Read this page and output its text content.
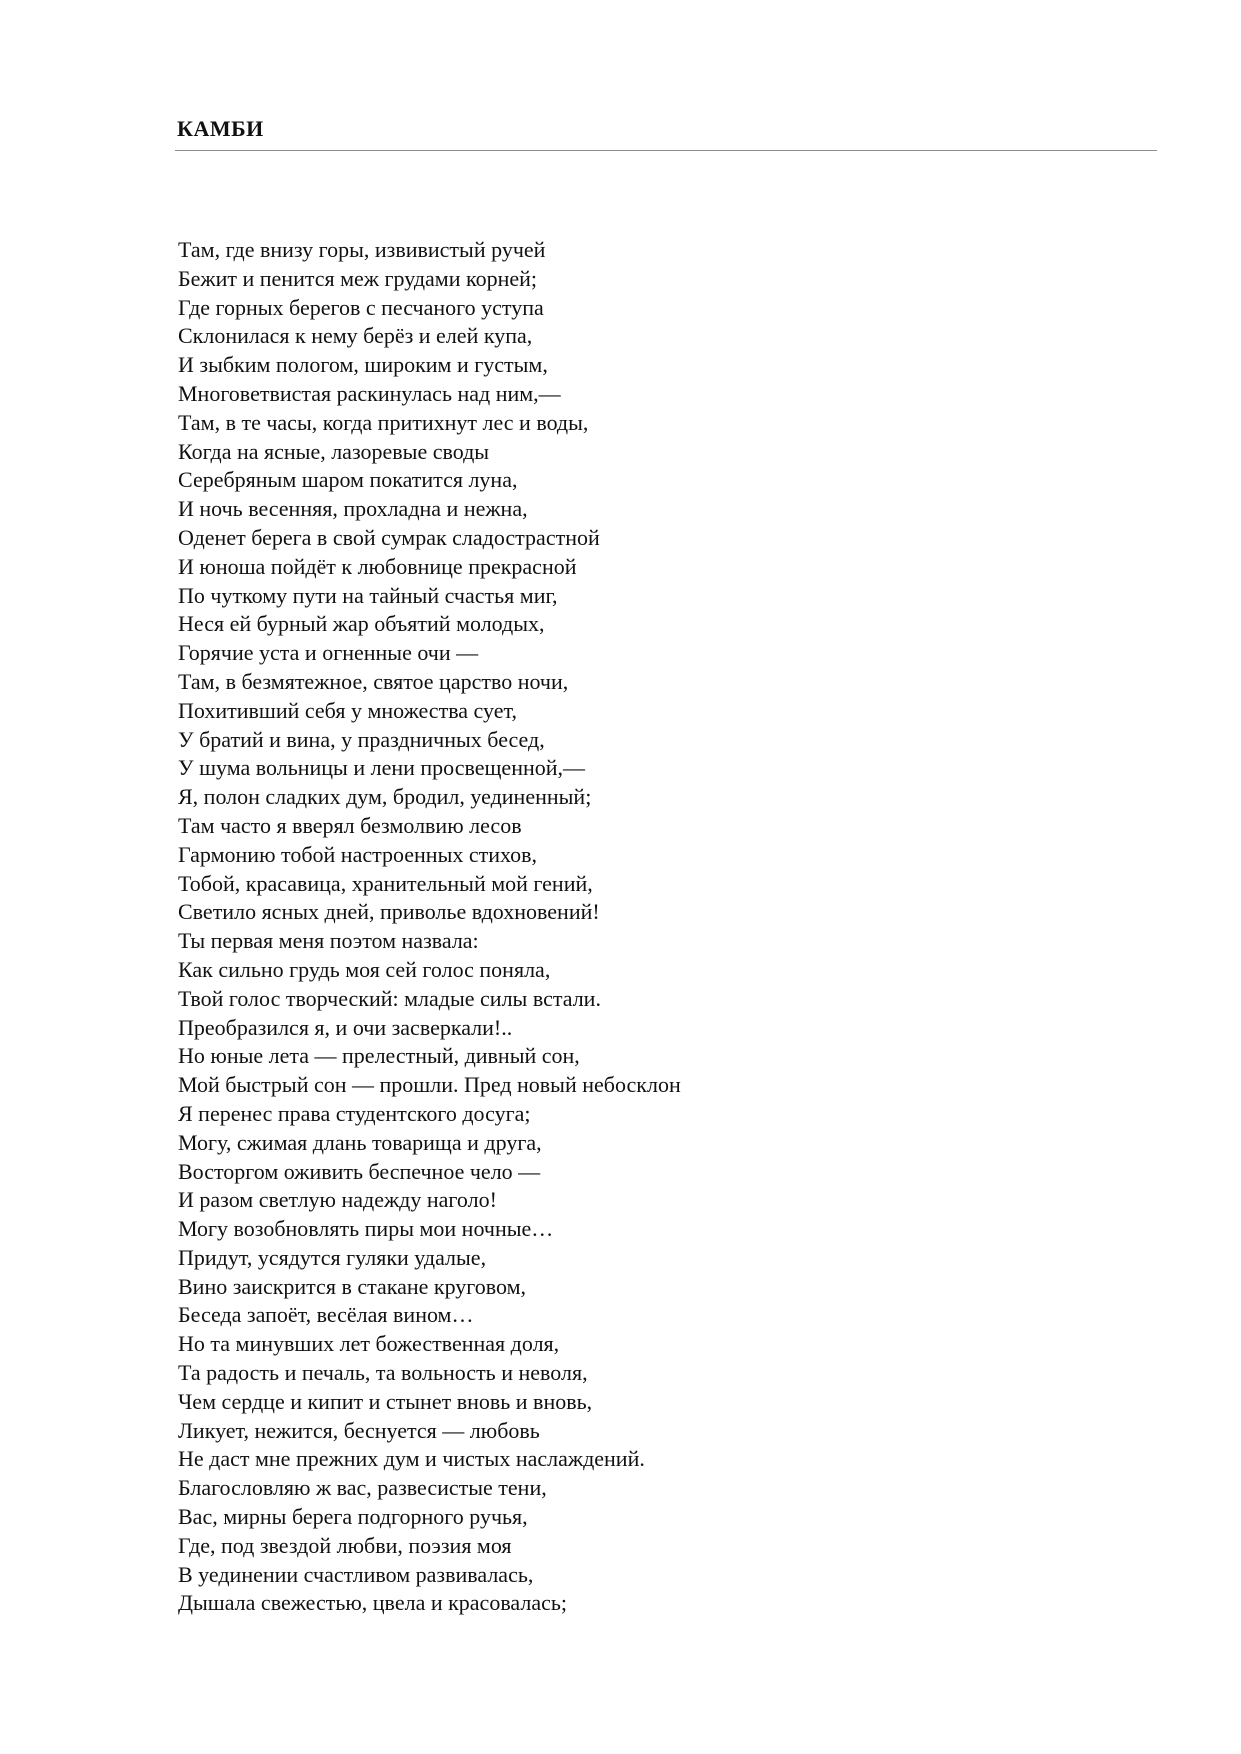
КАМБИ
Там, где внизу горы, извивистый ручей
Бежит и пенится меж грудами корней;
Где горных берегов с песчаного уступа
Склонилася к нему берёз и елей купа,
И зыбким пологом, широким и густым,
Многоветвистая раскинулась над ним,—
Там, в те часы, когда притихнут лес и воды,
Когда на ясные, лазоревые своды
Серебряным шаром покатится луна,
И ночь весенняя, прохладна и нежна,
Оденет берега в свой сумрак сладострастной
И юноша пойдёт к любовнице прекрасной
По чуткому пути на тайный счастья миг,
Неся ей бурный жар объятий молодых,
Горячие уста и огненные очи —
Там, в безмятежное, святое царство ночи,
Похитивший себя у множества сует,
У братий и вина, у праздничных бесед,
У шума вольницы и лени просвещенной,—
Я, полон сладких дум, бродил, уединенный;
Там часто я вверял безмолвию лесов
Гармонию тобой настроенных стихов,
Тобой, красавица, хранительный мой гений,
Светило ясных дней, приволье вдохновений!
Ты первая меня поэтом назвала:
Как сильно грудь моя сей голос поняла,
Твой голос творческий: младые силы встали.
Преобразился я, и очи засверкали!..
Но юные лета — прелестный, дивный сон,
Мой быстрый сон — прошли. Пред новый небосклон
Я перенес права студентского досуга;
Могу, сжимая длань товарища и друга,
Восторгом оживить беспечное чело —
И разом светлую надежду наголо!
Могу возобновлять пиры мои ночные…
Придут, усядутся гуляки удалые,
Вино заискрится в стакане круговом,
Беседа запоёт, весёлая вином…
Но та минувших лет божественная доля,
Та радость и печаль, та вольность и неволя,
Чем сердце и кипит и стынет вновь и вновь,
Ликует, нежится, беснуется — любовь
Не даст мне прежних дум и чистых наслаждений.
Благословляю ж вас, развесистые тени,
Вас, мирны берега подгорного ручья,
Где, под звездой любви, поэзия моя
В уединении счастливом развивалась,
Дышала свежестью, цвела и красовалась;
